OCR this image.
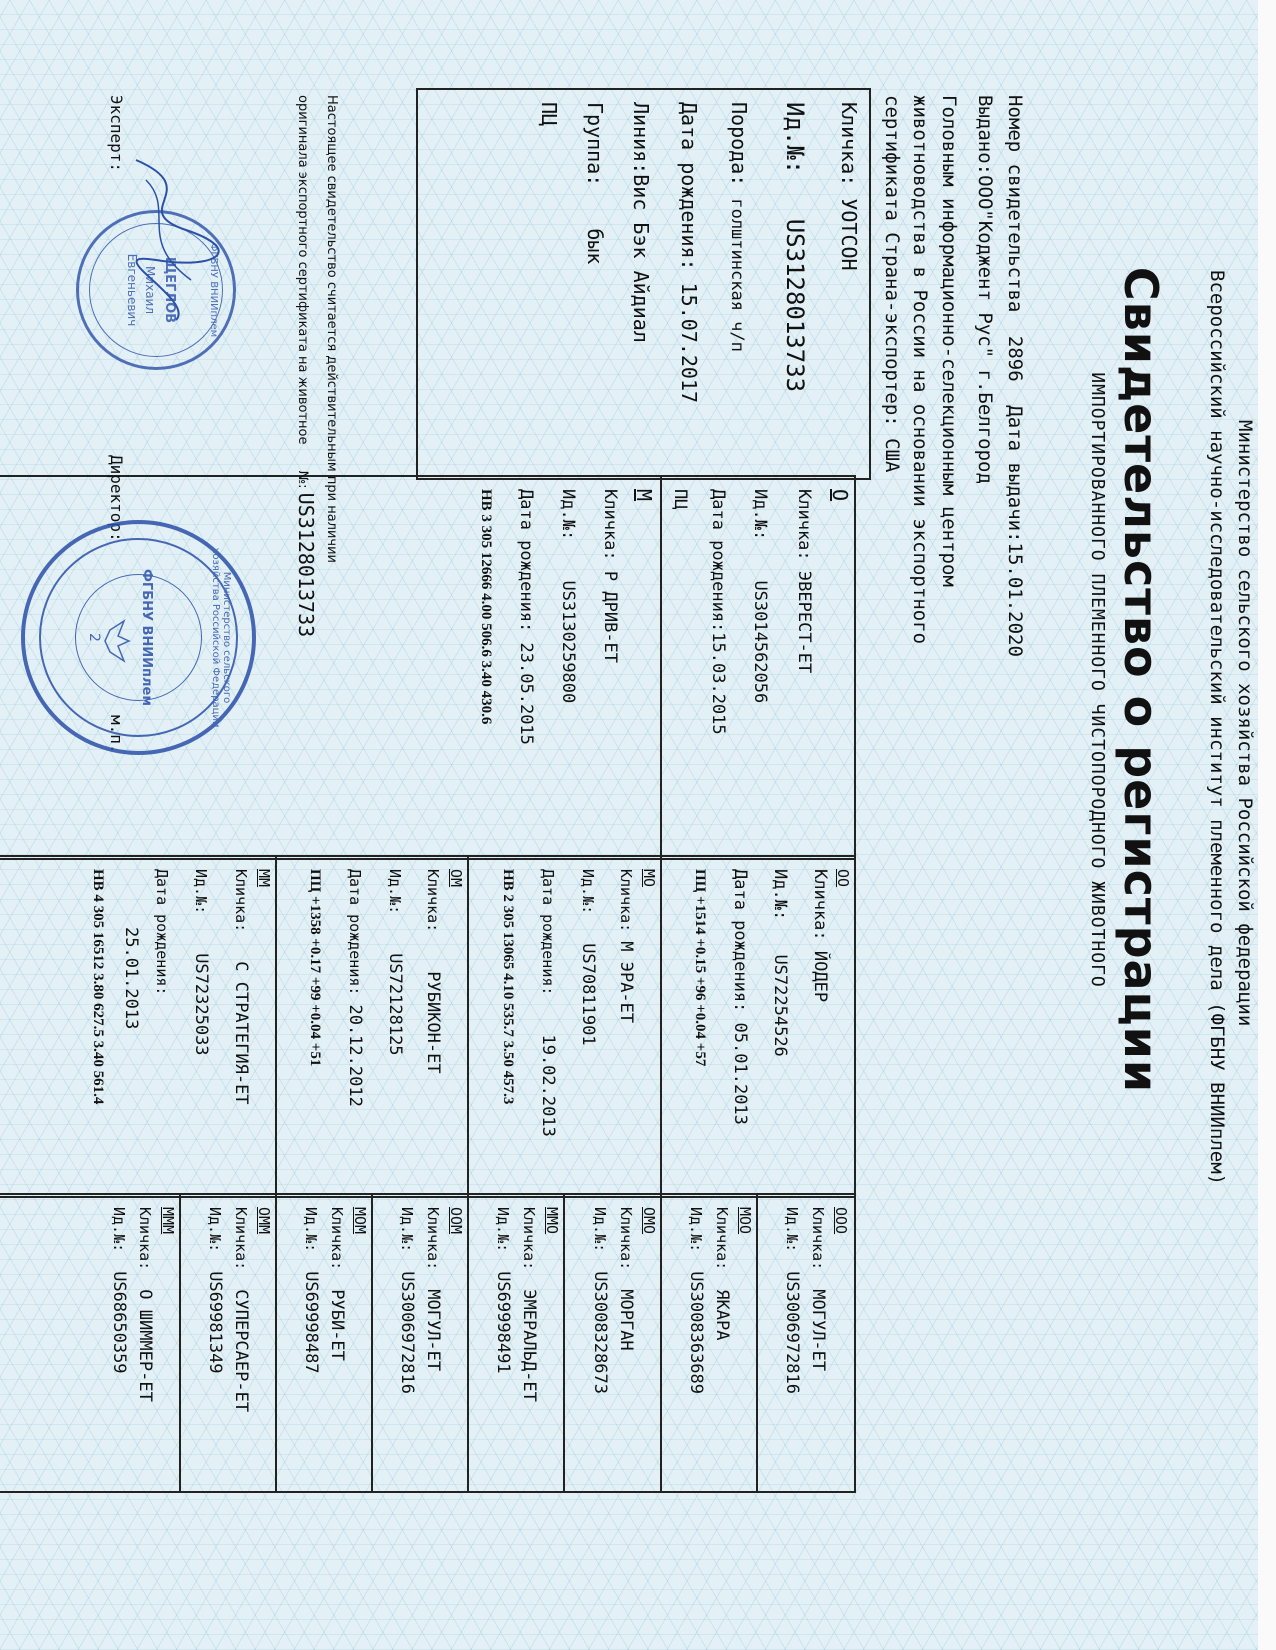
Министерство сельского хозяйства Российской федерации
Всероссийский научно-исследовательский институт племенного дела (ФГБНУ ВНИИплем)
Свидетельство о регистрации
ИМПОРТИРОВАННОГО ПЛЕМЕННОГО ЧИСТОПОРОДНОГО ЖИВОТНОГО
Номер свидетельства 2896 Дата выдачи:15.01.2020
Выдано:ООО"Коджент Рус" г.Белгород
Головным информационно-селекционным центром
животноводства в России на основании экспортного
сертификата Страна-экспортер: США
Кличка: УОТСОН
Ид.№: US3128013733
Порода: голштинская ч/п
Дата рождения: 15.07.2017
Линия:Вис Бэк Айдиал
Группа: бык
ПЦ
О
Кличка: ЭВЕРЕСТ-ЕТ
Ид.№: US3014562056
Дата рождения:15.03.2015
ПЦ
М
Кличка: Р ДРИВ-ЕТ
Ид.№: US3130259800
Дата рождения: 23.05.2015
НВ 3 305 12666 4.00 506.6 3.40 430.6
ОО
Кличка: ЙОДЕР
Ид.№: US72254526
Дата рождения: 05.01.2013
ПЦ +1514 +0.15 +96 +0.04 +57
МО
Кличка: М ЭРА-ЕТ
Ид.№: US70811901
Дата рождения: 19.02.2013
НВ 2 305 13065 4.10 535.7 3.50 457.3
ОМ
Кличка: РУБИКОН-ЕТ
Ид.№: US72128125
Дата рождения: 20.12.2012
ПЦ +1358 +0.17 +99 +0.04 +51
ММ
Кличка: С СТРАТЕГИЯ-ЕТ
Ид.№: US72325033
Дата рождения:
25.01.2013
НВ 4 305 16512 3.80 627.5 3.40 561.4
ООО
Кличка: МОГУЛ-ЕТ
Ид.№: US3006972816
МОО
Кличка: ЯКАРА
Ид.№: US3008363689
ОМО
Кличка: МОРГАН
Ид.№: US3008328673
ММО
Кличка: ЭМЕРАЛЬД-ЕТ
Ид.№: US69998491
ООМ
Кличка: МОГУЛ-ЕТ
Ид.№: US3006972816
МОМ
Кличка: РУБИ-ЕТ
Ид.№: US69998487
ОММ
Кличка: СУПЕРСАЕР-ЕТ
Ид.№: US69981349
МММ
Кличка: О ШИММЕР-ЕТ
Ид.№: US68650359
Настоящее свидетельство считается действительным при наличии
оригинала экспортного сертификата на животное №: US3128013733
Эксперт:
Директор:
м.п.
ФГБНУ ВНИИплем
ЩЕГЛОВ
Михаил
Евгеньевич
Министерство сельского хозяйства Российской Федерации
ФГБНУ ВНИИплем
2
